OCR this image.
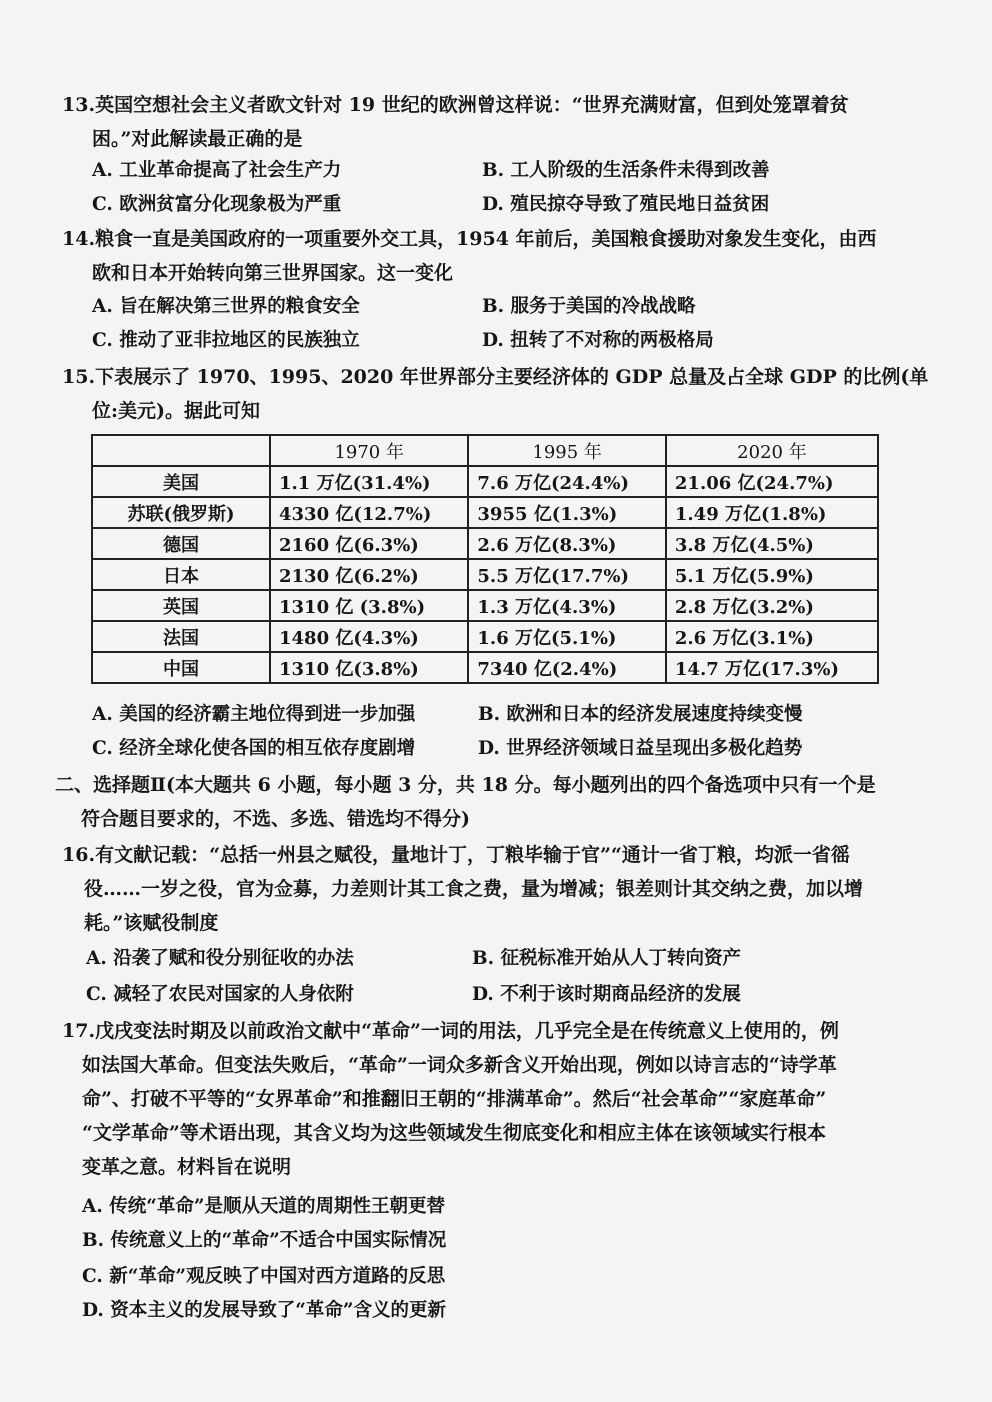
13.英国空想社会主义者欧文针对 19 世纪的欧洲曾这样说：“世界充满财富，但到处笼罩着贫
困。”对此解读最正确的是
A. 工业革命提高了社会生产力	B. 工人阶级的生活条件未得到改善
C. 欧洲贫富分化现象极为严重	D. 殖民掠夺导致了殖民地日益贫困
14.粮食一直是美国政府的一项重要外交工具，1954 年前后，美国粮食援助对象发生变化，由西
欧和日本开始转向第三世界国家。这一变化
A. 旨在解决第三世界的粮食安全	B. 服务于美国的冷战战略
C. 推动了亚非拉地区的民族独立	D. 扭转了不对称的两极格局
15.下表展示了 1970、1995、2020 年世界部分主要经济体的 GDP 总量及占全球 GDP 的比例(单
位:美元)。据此可知
	1970 年	1995 年	2020 年
美国	1.1 万亿(31.4%)	7.6 万亿(24.4%)	21.06 亿(24.7%)
苏联(俄罗斯)	4330 亿(12.7%)	3955 亿(1.3%)	1.49 万亿(1.8%)
德国	2160 亿(6.3%)	2.6 万亿(8.3%)	3.8 万亿(4.5%)
日本	2130 亿(6.2%)	5.5 万亿(17.7%)	5.1 万亿(5.9%)
英国	1310 亿 (3.8%)	1.3 万亿(4.3%)	2.8 万亿(3.2%)
法国	1480 亿(4.3%)	1.6 万亿(5.1%)	2.6 万亿(3.1%)
中国	1310 亿(3.8%)	7340 亿(2.4%)	14.7 万亿(17.3%)
A. 美国的经济霸主地位得到进一步加强	B. 欧洲和日本的经济发展速度持续变慢
C. 经济全球化使各国的相互依存度剧增	D. 世界经济领域日益呈现出多极化趋势
二、选择题Ⅱ(本大题共 6 小题，每小题 3 分，共 18 分。每小题列出的四个备选项中只有一个是
符合题目要求的，不选、多选、错选均不得分)
16.有文献记载：“总括一州县之赋役，量地计丁，丁粮毕输于官”“通计一省丁粮，均派一省徭
役……一岁之役，官为佥募，力差则计其工食之费，量为增减；银差则计其交纳之费，加以增
耗。”该赋役制度
A. 沿袭了赋和役分别征收的办法	B. 征税标准开始从人丁转向资产
C. 减轻了农民对国家的人身依附	D. 不利于该时期商品经济的发展
17.戊戌变法时期及以前政治文献中“革命”一词的用法，几乎完全是在传统意义上使用的，例
如法国大革命。但变法失败后，“革命”一词众多新含义开始出现，例如以诗言志的“诗学革
命”、打破不平等的“女界革命”和推翻旧王朝的“排满革命”。然后“社会革命”“家庭革命”
“文学革命”等术语出现，其含义均为这些领域发生彻底变化和相应主体在该领域实行根本
变革之意。材料旨在说明
A. 传统“革命”是顺从天道的周期性王朝更替
B. 传统意义上的“革命”不适合中国实际情况
C. 新“革命”观反映了中国对西方道路的反思
D. 资本主义的发展导致了“革命”含义的更新
